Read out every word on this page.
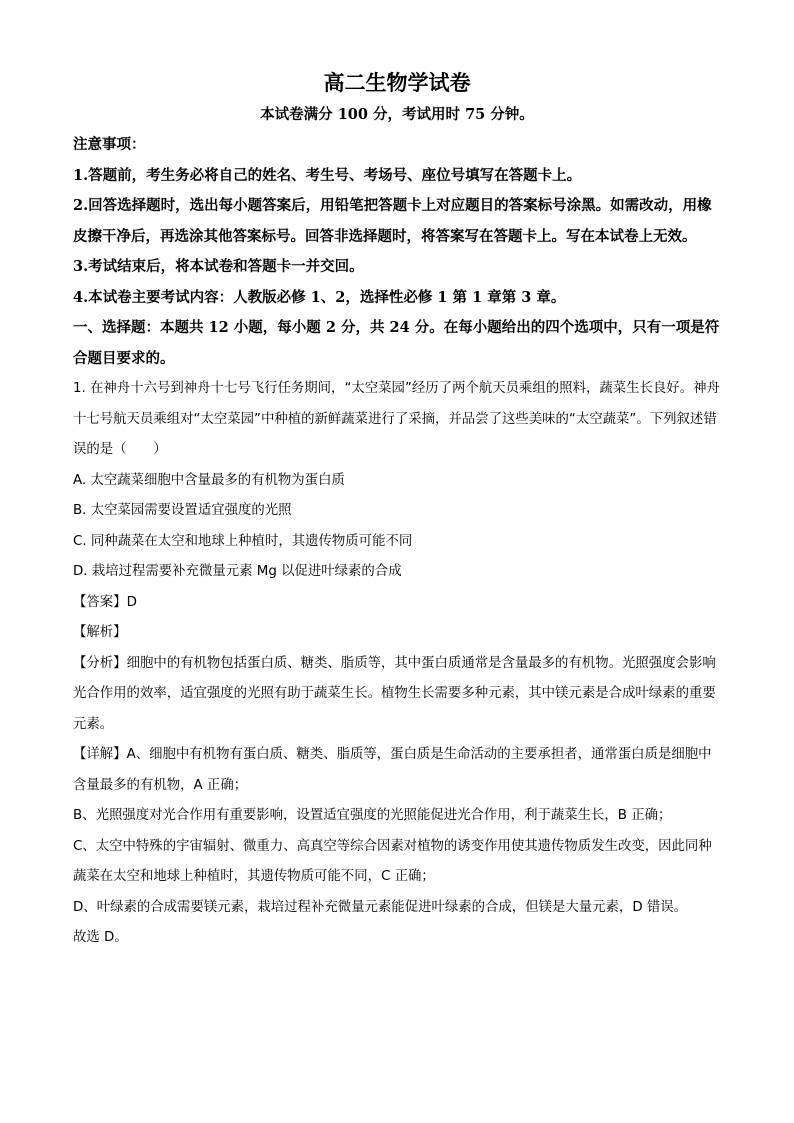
高二生物学试卷
本试卷满分 100 分，考试用时 75 分钟。

注意事项：

1.答题前，考生务必将自己的姓名、考生号、考场号、座位号填写在答题卡上。

2.回答选择题时，选出每小题答案后，用铅笔把答题卡上对应题目的答案标号涂黑。如需改动，用橡皮擦干净后，再选涂其他答案标号。回答非选择题时，将答案写在答题卡上。写在本试卷上无效。

3.考试结束后，将本试卷和答题卡一并交回。

4.本试卷主要考试内容：人教版必修 1、2，选择性必修 1 第 1 章第 3 章。

一、选择题：本题共 12 小题，每小题 2 分，共 24 分。在每小题给出的四个选项中，只有一项是符合题目要求的。

1. 在神舟十六号到神舟十七号飞行任务期间，“太空菜园”经历了两个航天员乘组的照料，蔬菜生长良好。神舟十七号航天员乘组对“太空菜园”中种植的新鲜蔬菜进行了采摘，并品尝了这些美味的“太空蔬菜”。下列叙述错误的是（　　）

A. 太空蔬菜细胞中含量最多的有机物为蛋白质

B. 太空菜园需要设置适宜强度的光照

C. 同种蔬菜在太空和地球上种植时，其遗传物质可能不同

D. 栽培过程需要补充微量元素 Mg 以促进叶绿素的合成

【答案】D

【解析】

【分析】细胞中的有机物包括蛋白质、糖类、脂质等，其中蛋白质通常是含量最多的有机物。光照强度会影响光合作用的效率，适宜强度的光照有助于蔬菜生长。植物生长需要多种元素，其中镁元素是合成叶绿素的重要元素。

【详解】A、细胞中有机物有蛋白质、糖类、脂质等，蛋白质是生命活动的主要承担者，通常蛋白质是细胞中含量最多的有机物，A 正确；

B、光照强度对光合作用有重要影响，设置适宜强度的光照能促进光合作用，利于蔬菜生长，B 正确；

C、太空中特殊的宇宙辐射、微重力、高真空等综合因素对植物的诱变作用使其遗传物质发生改变，因此同种蔬菜在太空和地球上种植时，其遗传物质可能不同，C 正确；

D、叶绿素的合成需要镁元素，栽培过程补充微量元素能促进叶绿素的合成，但镁是大量元素，D 错误。

故选 D。
